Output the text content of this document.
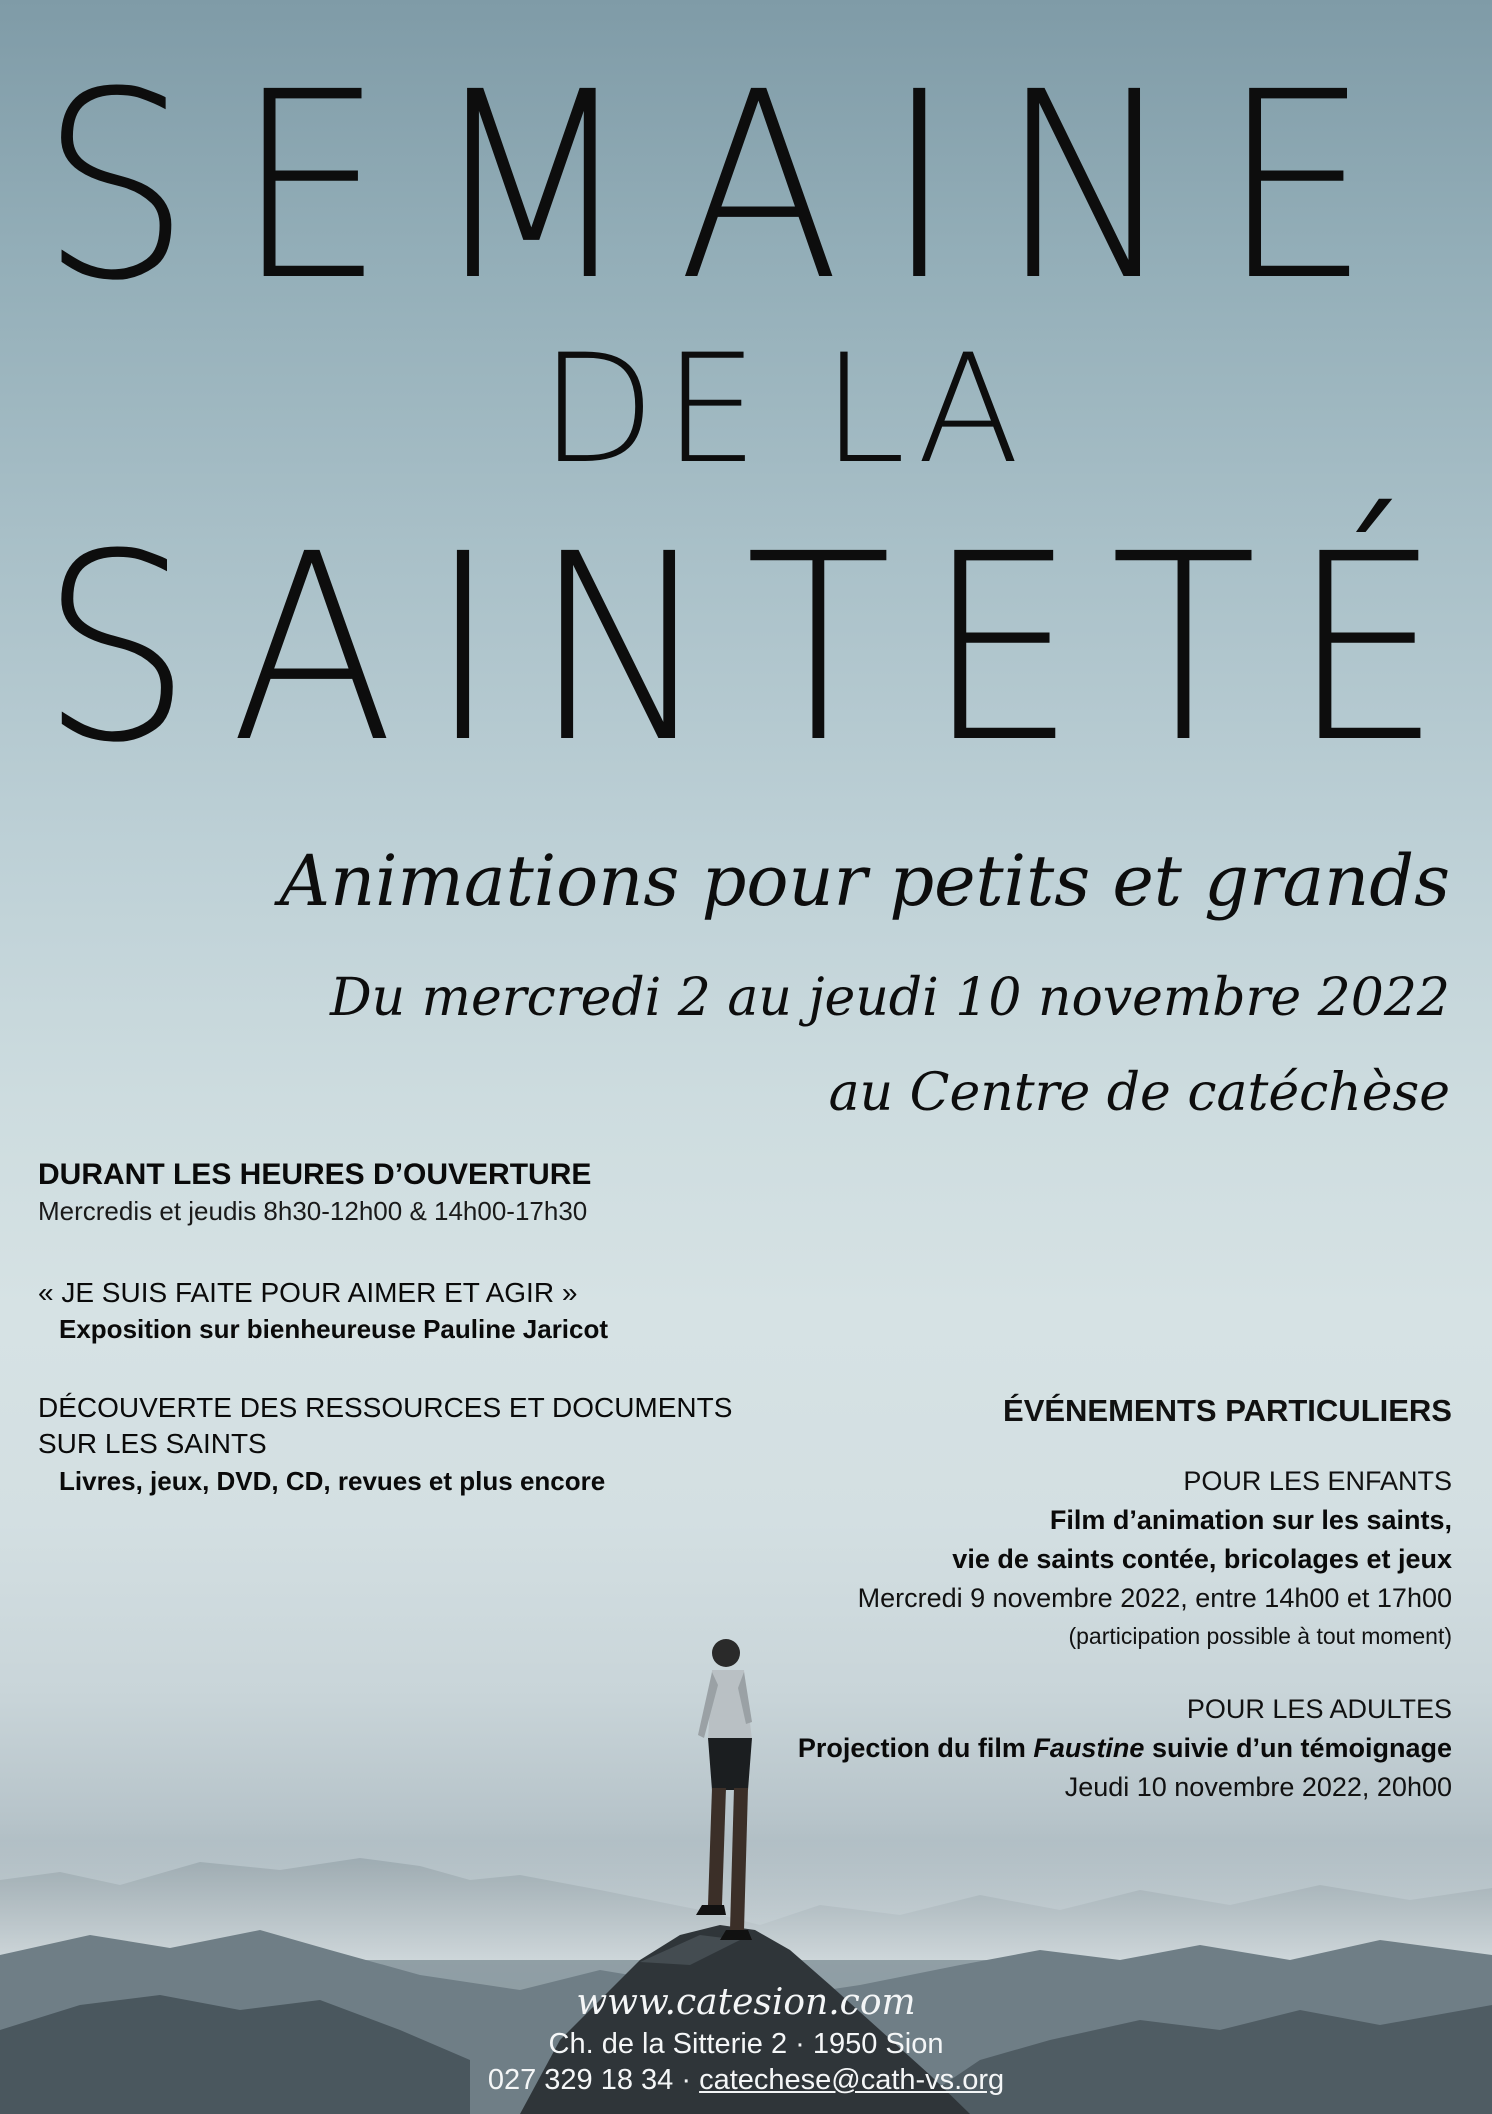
SEMAINE
DE LA
SAINTETÉ
Animations pour petits et grands
Du mercredi 2 au jeudi 10 novembre 2022
au Centre de catéchèse
DURANT LES HEURES D’OUVERTURE
Mercredis et jeudis 8h30-12h00 & 14h00-17h30
« JE SUIS FAITE POUR AIMER ET AGIR »
Exposition sur bienheureuse Pauline Jaricot
DÉCOUVERTE DES RESSOURCES ET DOCUMENTS
SUR LES SAINTS
Livres, jeux, DVD, CD, revues et plus encore
ÉVÉNEMENTS PARTICULIERS
POUR LES ENFANTS
Film d’animation sur les saints,
vie de saints contée, bricolages et jeux
Mercredi 9 novembre 2022, entre 14h00 et 17h00
(participation possible à tout moment)
POUR LES ADULTES
Projection du film Faustine suivie d’un témoignage
Jeudi 10 novembre 2022, 20h00
www.catesion.com
Ch. de la Sitterie 2 · 1950 Sion
027 329 18 34 · catechese@cath-vs.org
